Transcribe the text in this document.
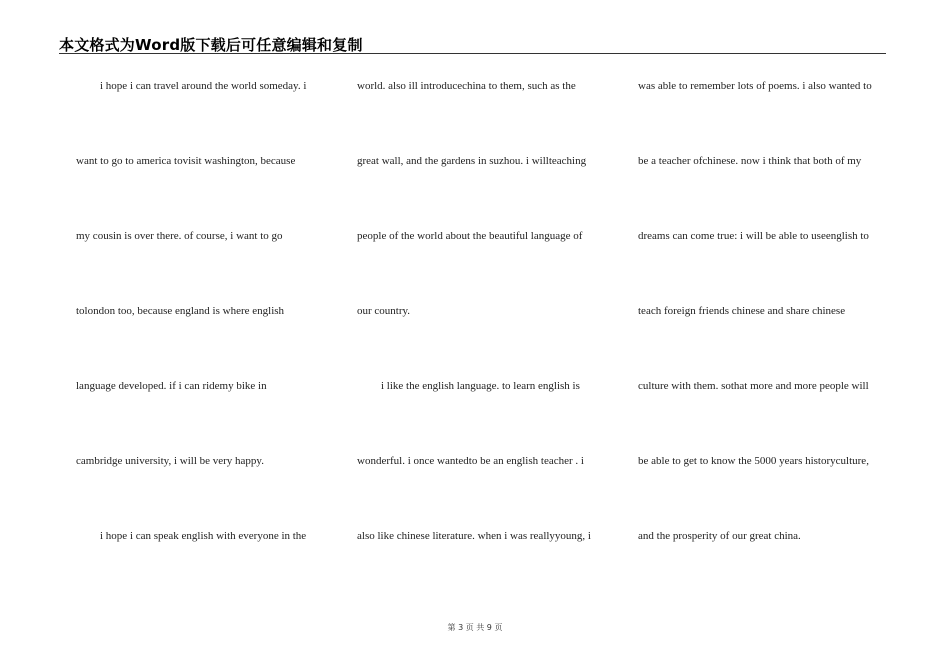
本文格式为Word版下载后可任意编辑和复制
i hope i can travel around the world someday. i
want to go to america tovisit washington, because
my cousin is over there. of course, i want to go
tolondon too, because england is where english
language developed. if i can ridemy bike in
cambridge university, i will be very happy.
i hope i can speak english with everyone in the
world. also ill introducechina to them, such as the
great wall, and the gardens in suzhou. i willteaching
people of the world about the beautiful language of
our country.
i like the english language. to learn english is
wonderful. i once wantedto be an english teacher . i
also like chinese literature. when i was reallyyoung, i
was able to remember lots of poems. i also wanted to
be a teacher ofchinese. now i think that both of my
dreams can come true: i will be able to useenglish to
teach foreign friends chinese and share chinese
culture with them. sothat more and more people will
be able to get to know the 5000 years historyculture,
and the prosperity of our great china.
第 3 页 共 9 页
